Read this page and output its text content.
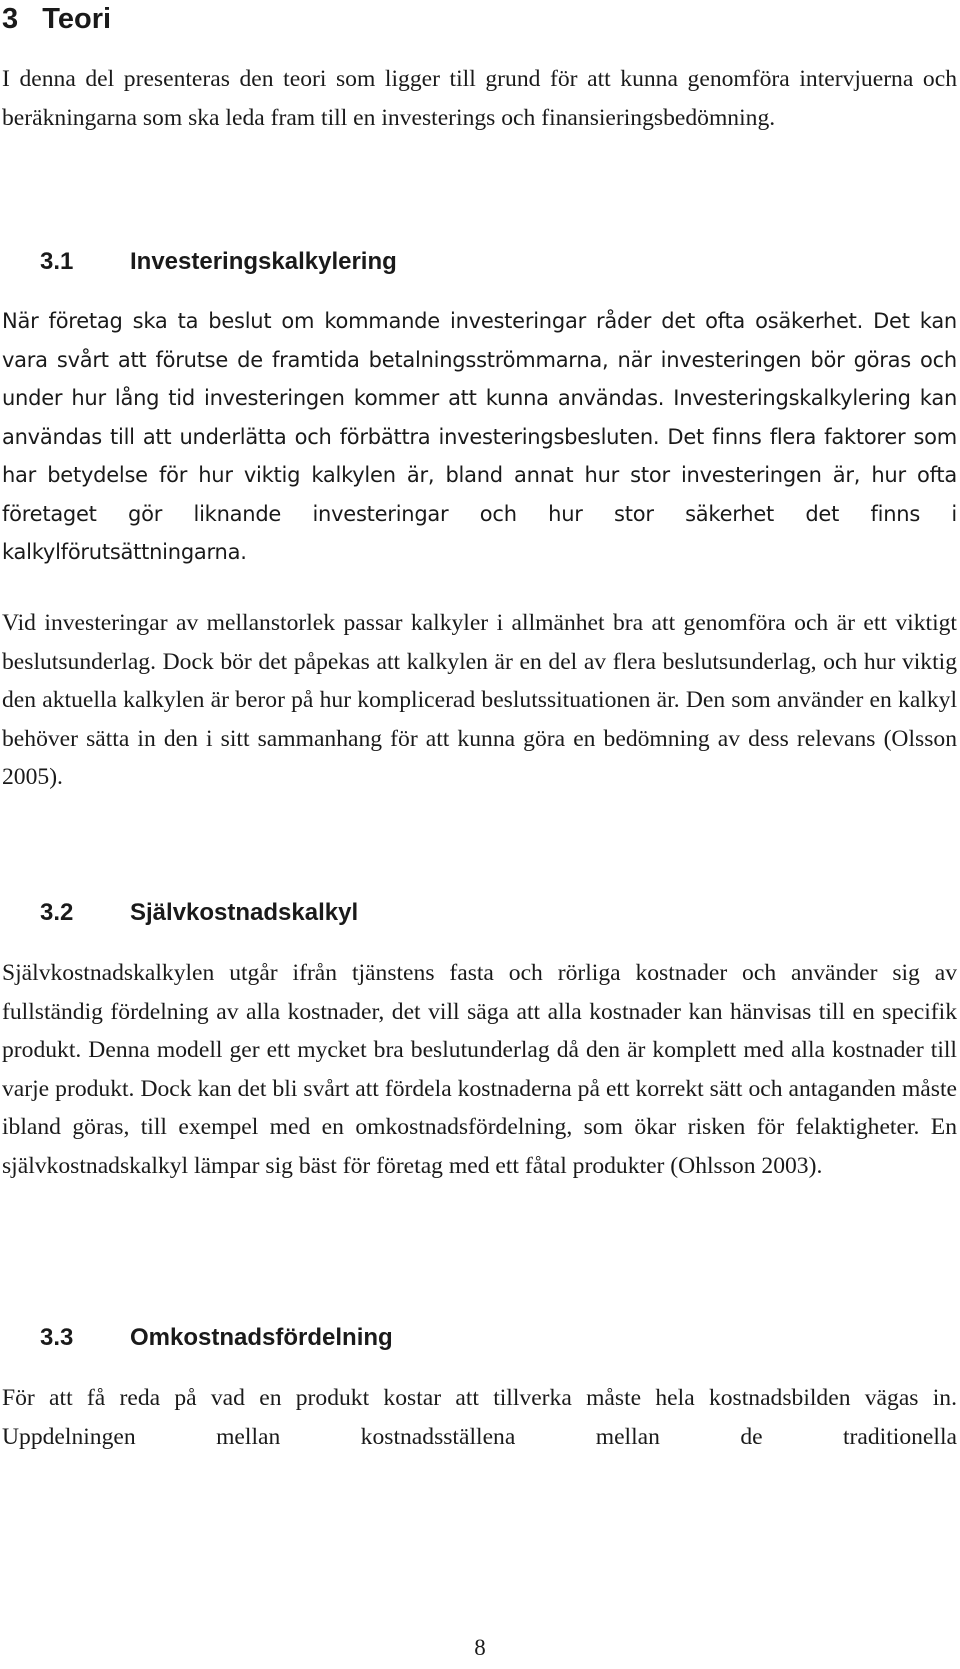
3   Teori

I denna del presenteras den teori som ligger till grund för att kunna genomföra intervjuerna och beräkningarna som ska leda fram till en investerings och finansieringsbedömning.

3.1	Investeringskalkylering

När företag ska ta beslut om kommande investeringar råder det ofta osäkerhet. Det kan vara svårt att förutse de framtida betalningsströmmarna, när investeringen bör göras och under hur lång tid investeringen kommer att kunna användas. Investeringskalkylering kan användas till att underlätta och förbättra investeringsbesluten. Det finns flera faktorer som har betydelse för hur viktig kalkylen är, bland annat hur stor investeringen är, hur ofta företaget gör liknande investeringar och hur stor säkerhet det finns i kalkylförutsättningarna.

Vid investeringar av mellanstorlek passar kalkyler i allmänhet bra att genomföra och är ett viktigt beslutsunderlag. Dock bör det påpekas att kalkylen är en del av flera beslutsunderlag, och hur viktig den aktuella kalkylen är beror på hur komplicerad beslutssituationen är. Den som använder en kalkyl behöver sätta in den i sitt sammanhang för att kunna göra en bedömning av dess relevans (Olsson 2005).

3.2	Självkostnadskalkyl

Självkostnadskalkylen utgår ifrån tjänstens fasta och rörliga kostnader och använder sig av fullständig fördelning av alla kostnader, det vill säga att alla kostnader kan hänvisas till en specifik produkt. Denna modell ger ett mycket bra beslutunderlag då den är komplett med alla kostnader till varje produkt. Dock kan det bli svårt att fördela kostnaderna på ett korrekt sätt och antaganden måste ibland göras, till exempel med en omkostnadsfördelning, som ökar risken för felaktigheter. En självkostnadskalkyl lämpar sig bäst för företag med ett fåtal produkter (Ohlsson 2003).

3.3	Omkostnadsfördelning

För att få reda på vad en produkt kostar att tillverka måste hela kostnadsbilden vägas in. Uppdelningen mellan kostnadsställena mellan de traditionella

8
